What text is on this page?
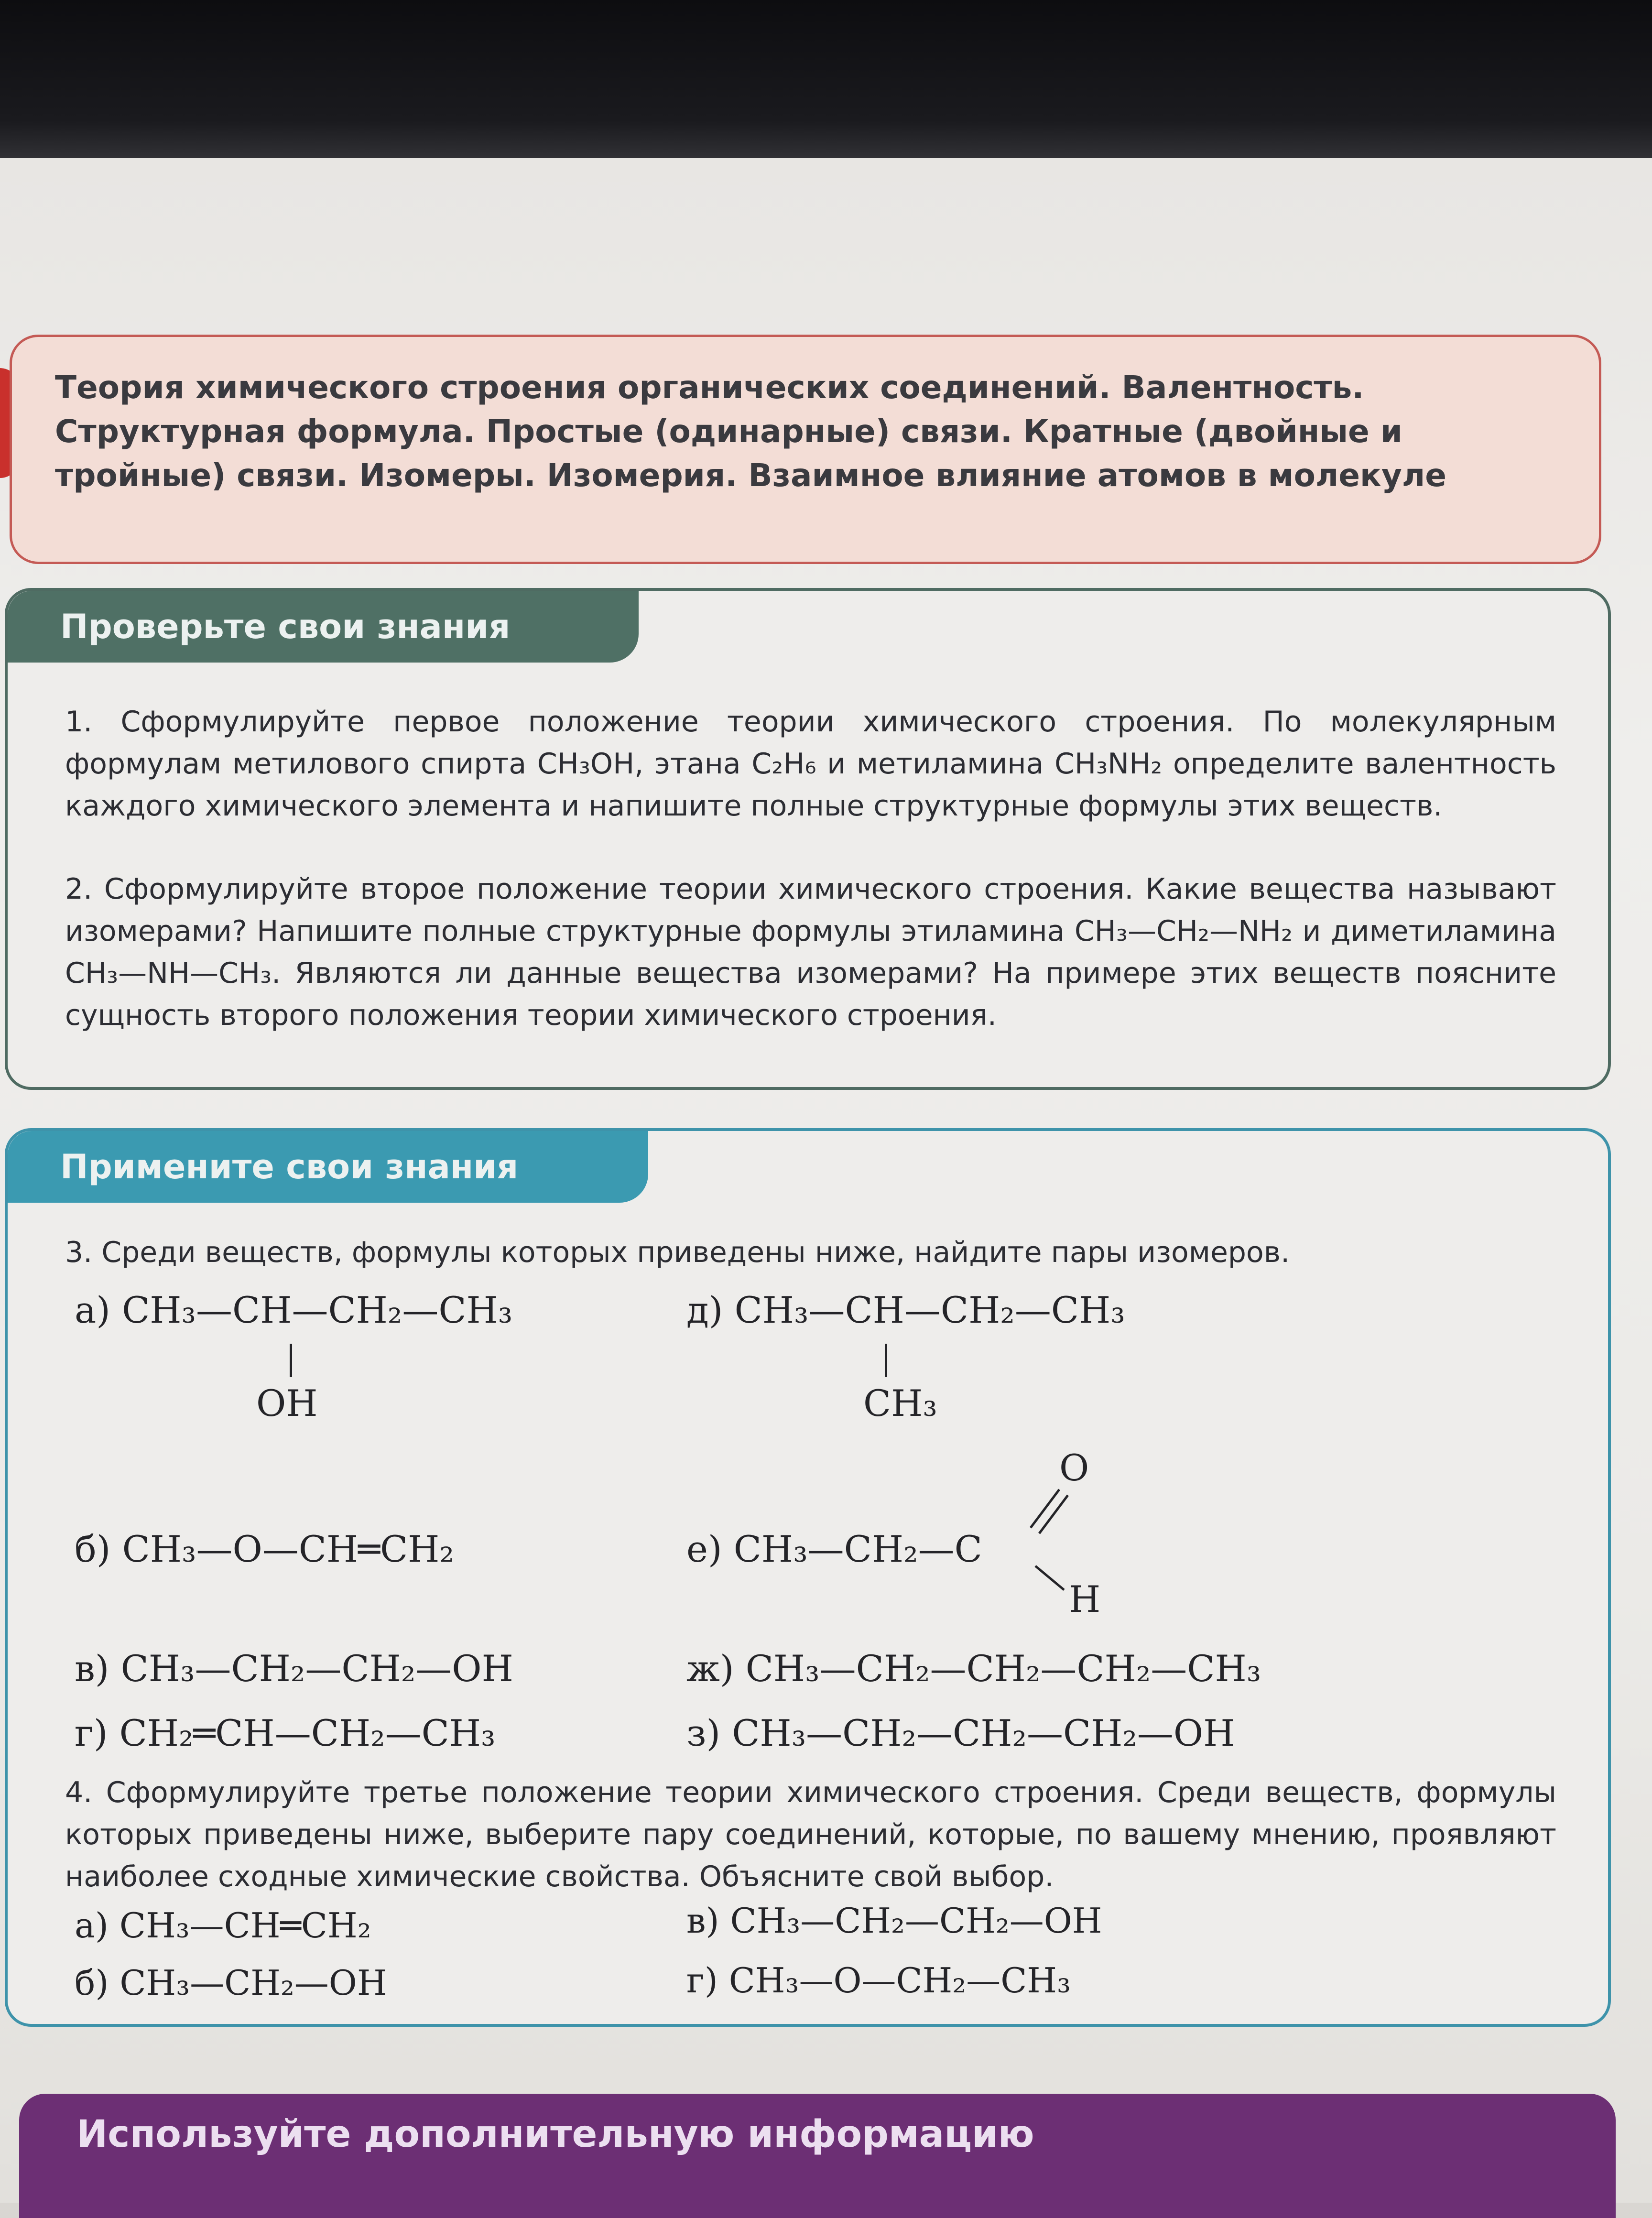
Теория химического строения органических соединений. Валентность. Структурная формула. Простые (одинарные) связи. Кратные (двойные и тройные) связи. Изомеры. Изомерия. Взаимное влияние атомов в молекуле

Проверьте свои знания

1. Сформулируйте первое положение теории химического строения. По молекулярным формулам метилового спирта CH₃OH, этана C₂H₆ и метиламина CH₃NH₂ определите валентность каждого химического элемента и напишите полные структурные формулы этих веществ.

2. Сформулируйте второе положение теории химического строения. Какие вещества называют изомерами? Напишите полные структурные формулы этиламина CH₃—CH₂—NH₂ и диметиламина CH₃—NH—CH₃. Являются ли данные вещества изомерами? На примере этих веществ поясните сущность второго положения теории химического строения.

Примените свои знания

3. Среди веществ, формулы которых приведены ниже, найдите пары изомеров.

а) CH₃—CH—CH₂—CH₃
OH
б) CH₃—O—CH═CH₂
в) CH₃—CH₂—CH₂—OH
г) CH₂═CH—CH₂—CH₃
д) CH₃—CH—CH₂—CH₃
CH₃
е) CH₃—CH₂—C
O
H
ж) CH₃—CH₂—CH₂—CH₂—CH₃
з) CH₃—CH₂—CH₂—CH₂—OH

4. Сформулируйте третье положение теории химического строения. Среди веществ, формулы которых приведены ниже, выберите пару соединений, которые, по вашему мнению, проявляют наиболее сходные химические свойства. Объясните свой выбор.

а) CH₃—CH═CH₂
б) CH₃—CH₂—OH
в) CH₃—CH₂—CH₂—OH
г) CH₃—O—CH₂—CH₃
Используйте дополнительную информацию
